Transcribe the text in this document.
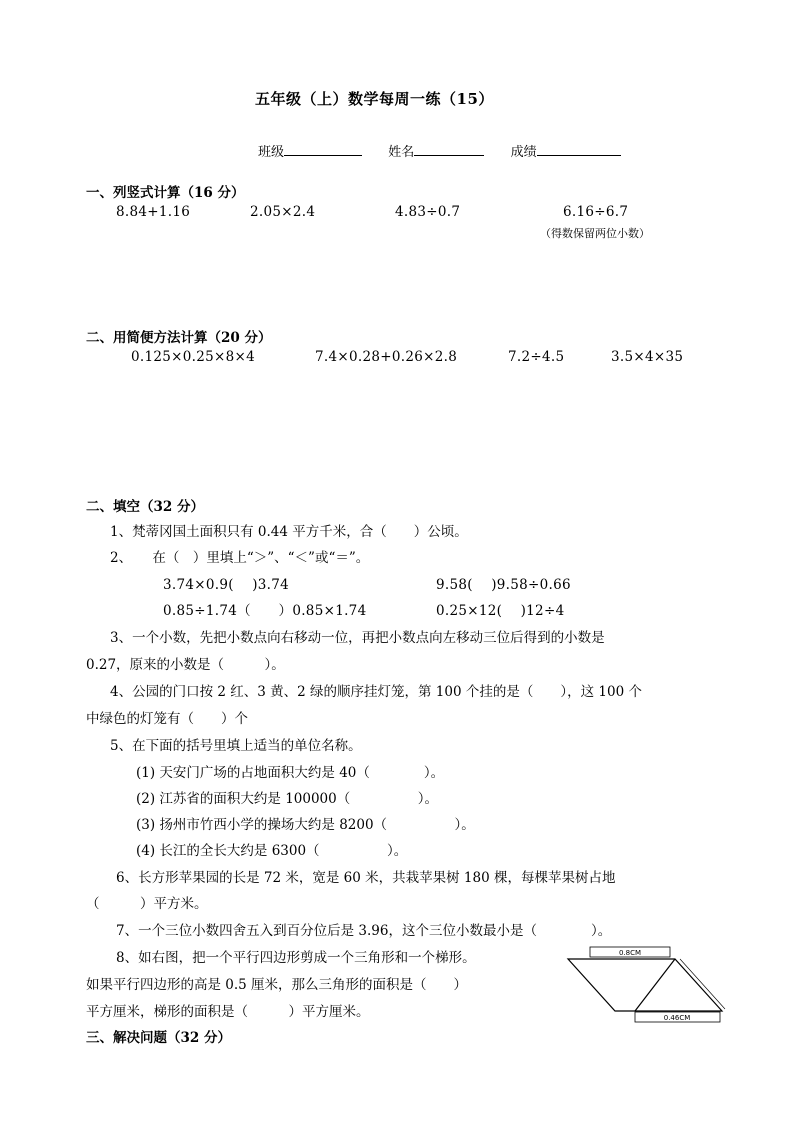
五年级（上）数学每周一练（15）
班级	姓名	成绩
一、列竖式计算（16 分）
8.84+1.16	2.05×2.4	4.83÷0.7	6.16÷6.7
（得数保留两位小数）
二、用简便方法计算（20 分）
0.125×0.25×8×4	7.4×0.28+0.26×2.8	7.2÷4.5	3.5×4×35
二、填空（32 分）
1、梵蒂冈国土面积只有 0.44 平方千米，合（　　）公顷。
2、　　在（　）里填上“＞”、“＜”或“＝”。
3.74×0.9(　 )3.74	9.58(　 )9.58÷0.66
0.85÷1.74（　　）0.85×1.74	0.25×12(　 )12÷4
3、一个小数，先把小数点向右移动一位，再把小数点向左移动三位后得到的小数是
0.27，原来的小数是（　　　）。
4、公园的门口按 2 红、3 黄、2 绿的顺序挂灯笼，第 100 个挂的是（　　），这 100 个
中绿色的灯笼有（　　）个
5、在下面的括号里填上适当的单位名称。
(1) 天安门广场的占地面积大约是 40（　　　　）。
(2) 江苏省的面积大约是 100000（　　　　　）。
(3) 扬州市竹西小学的操场大约是 8200（　　　　　）。
(4) 长江的全长大约是 6300（　　　　　）。
6、长方形苹果园的长是 72 米，宽是 60 米，共栽苹果树 180 棵，每棵苹果树占地
（　　　）平方米。
7、一个三位小数四舍五入到百分位后是 3.96，这个三位小数最小是（　　　　）。
8、如右图，把一个平行四边形剪成一个三角形和一个梯形。
如果平行四边形的高是 0.5 厘米，那么三角形的面积是（　　）
平方厘米，梯形的面积是（　　　）平方厘米。
0.8CM
0.46CM
三、解决问题（32 分）
